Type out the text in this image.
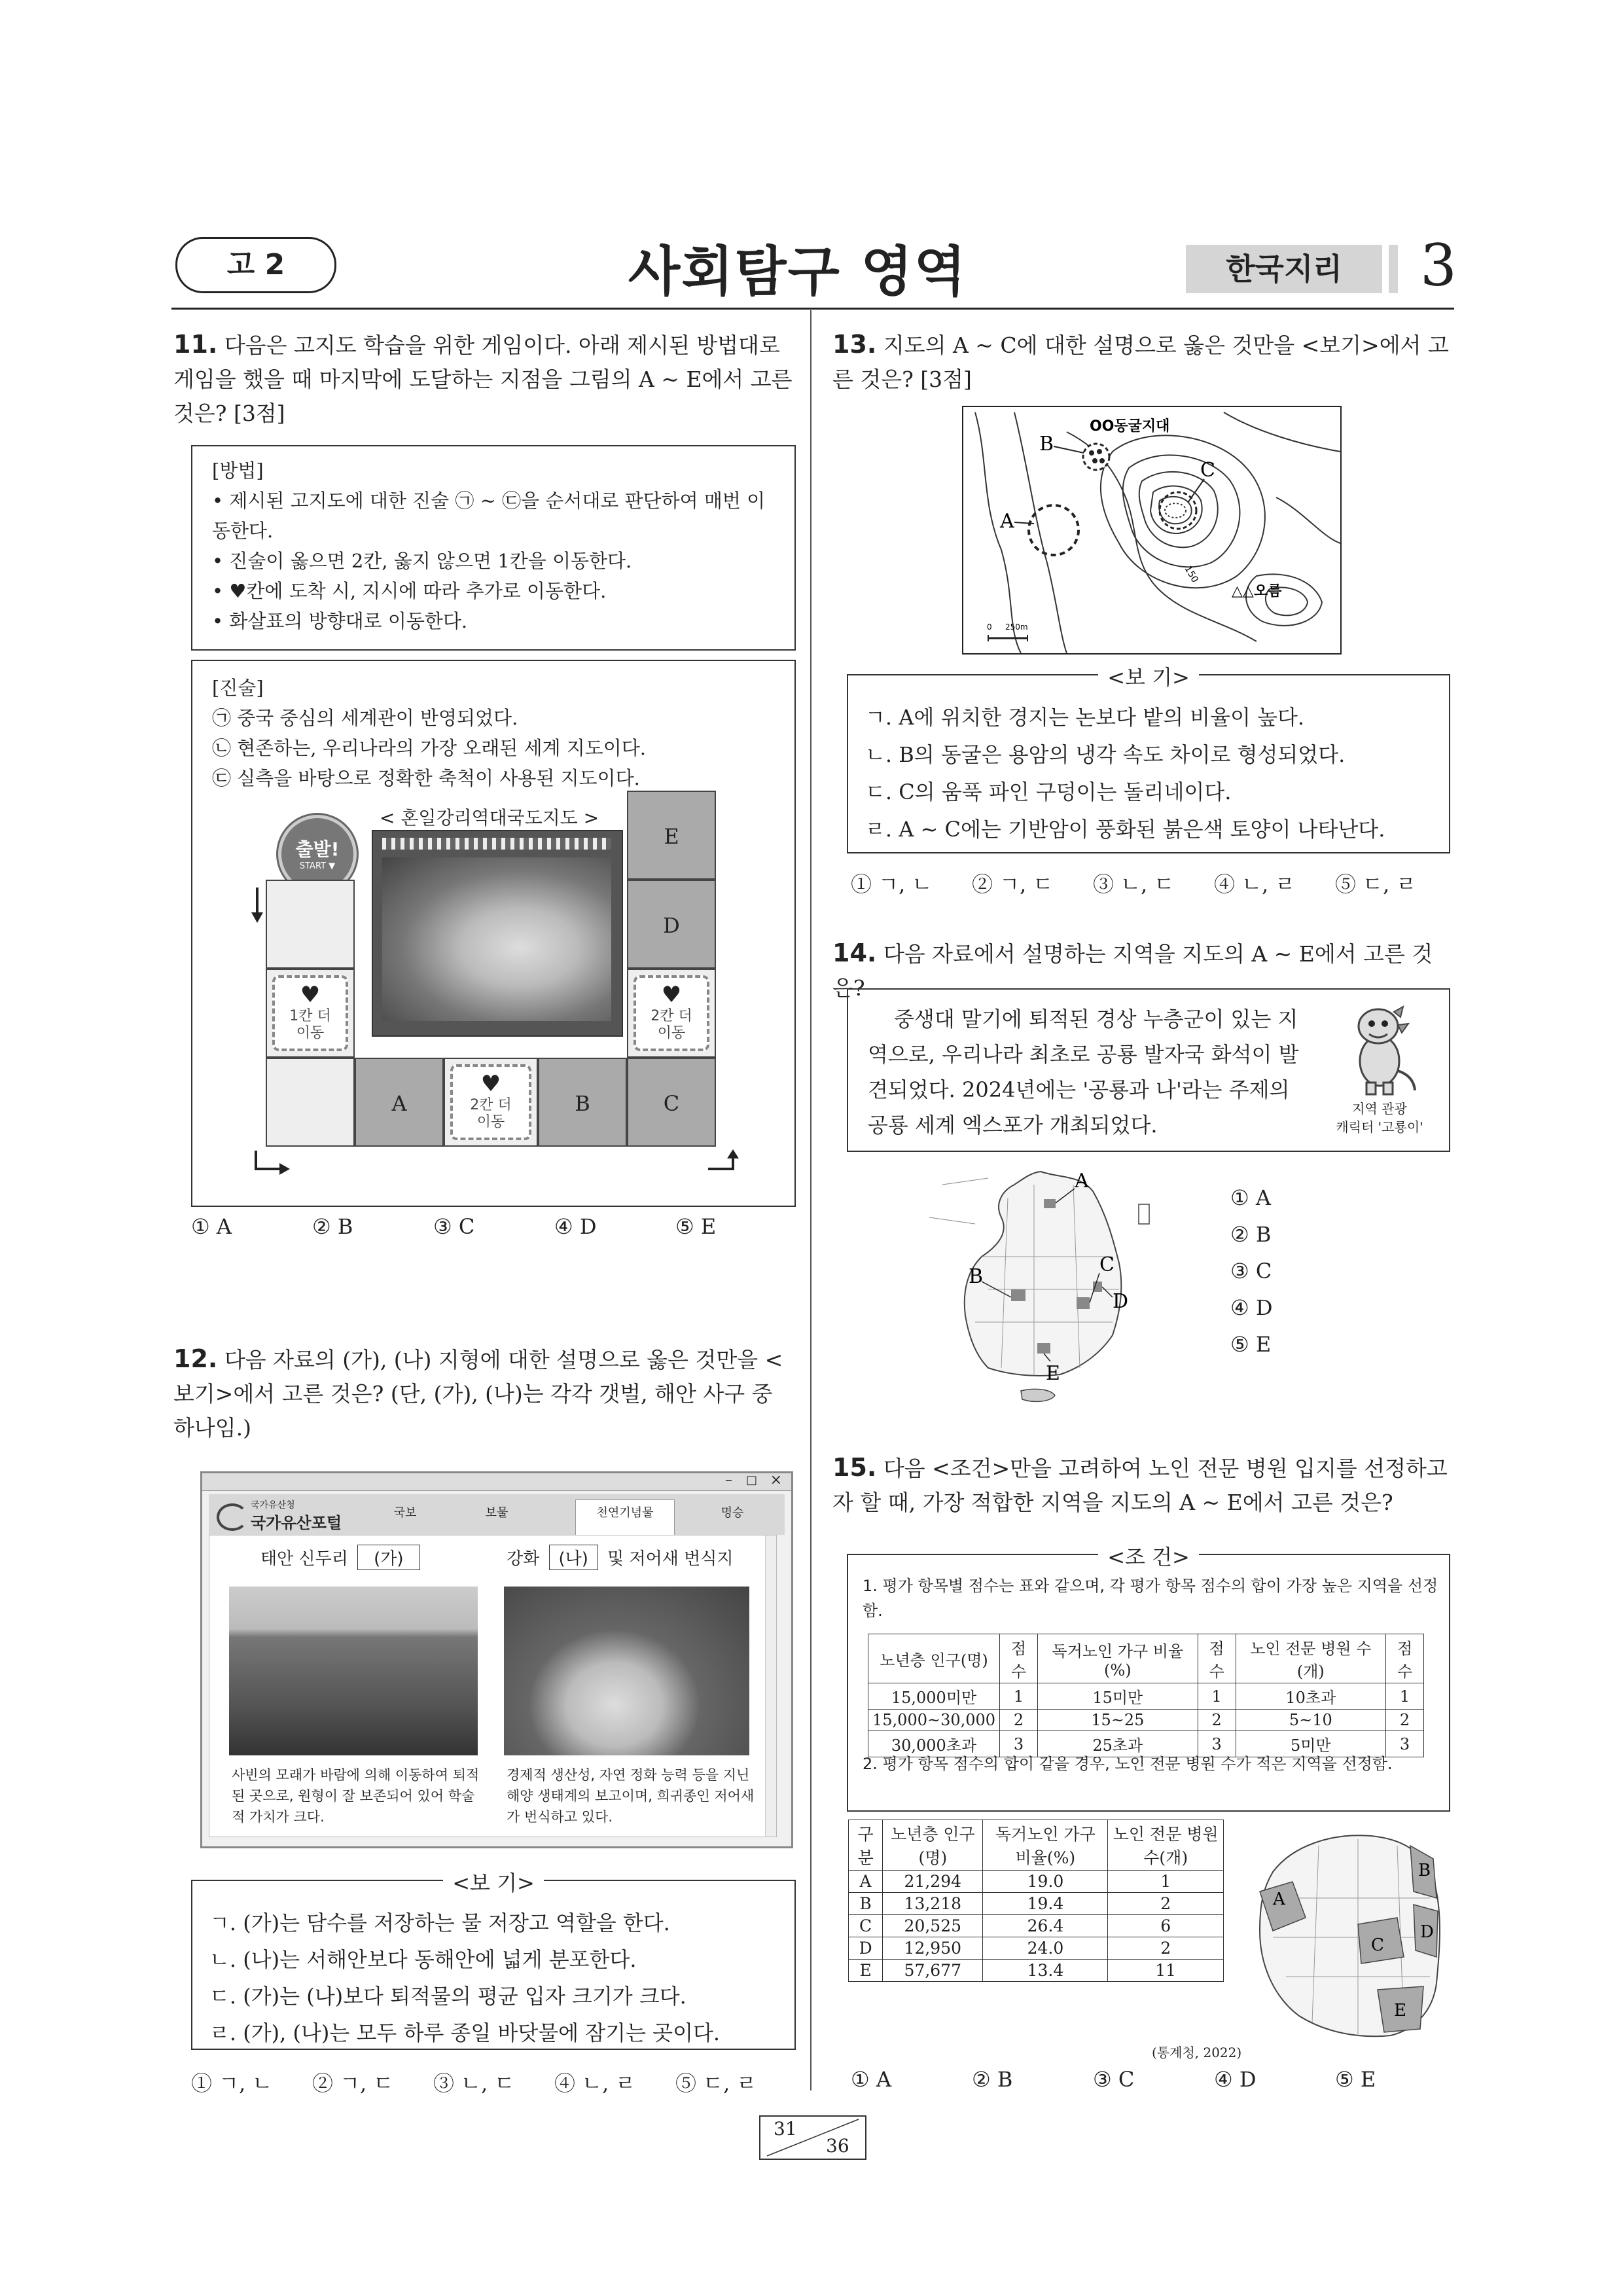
고 2	사회탐구 영역	한국지리	3
11. 다음은 고지도 학습을 위한 게임이다. 아래 제시된 방법대로 게임을 했을 때 마지막에 도달하는 지점을 그림의 A ~ E에서 고른 것은? [3점]
[방법]
• 제시된 고지도에 대한 진술 ㉠ ~ ㉢을 순서대로 판단하여 매번 이동한다.
• 진술이 옳으면 2칸, 옳지 않으면 1칸을 이동한다.
• ♥칸에 도착 시, 지시에 따라 추가로 이동한다.
• 화살표의 방향대로 이동한다.
[진술]
㉠ 중국 중심의 세계관이 반영되었다.
㉡ 현존하는, 우리나라의 가장 오래된 세계 지도이다.
㉢ 실측을 바탕으로 정확한 축척이 사용된 지도이다.
< 혼일강리역대국도지도 >
출발!
START ▼
E
D
♥
2칸 더 이동
♥
1칸 더 이동
A
♥
2칸 더 이동
B	C
① A	② B	③ C	④ D	⑤ E
12. 다음 자료의 (가), (나) 지형에 대한 설명으로 옳은 것만을 <보기>에서 고른 것은? (단, (가), (나)는 각각 갯벌, 해안 사구 중 하나임.)
– □ ×
국가유산청
국가유산포털
국보	보물	천연기념물	명승
태안 신두리 (가)	강화 (나) 및 저어새 번식지
사빈의 모래가 바람에 의해 이동하여 퇴적된 곳으로, 원형이 잘 보존되어 있어 학술적 가치가 크다.
경제적 생산성, 자연 정화 능력 등을 지닌 해양 생태계의 보고이며, 희귀종인 저어새가 번식하고 있다.
<보 기>
ㄱ. (가)는 담수를 저장하는 물 저장고 역할을 한다.
ㄴ. (나)는 서해안보다 동해안에 넓게 분포한다.
ㄷ. (가)는 (나)보다 퇴적물의 평균 입자 크기가 크다.
ㄹ. (가), (나)는 모두 하루 종일 바닷물에 잠기는 곳이다.
① ㄱ, ㄴ	② ㄱ, ㄷ	③ ㄴ, ㄷ	④ ㄴ, ㄹ	⑤ ㄷ, ㄹ
13. 지도의 A ~ C에 대한 설명으로 옳은 것만을 <보기>에서 고른 것은? [3점]
0 250m
A
B
C
OO동굴지대
△△오름
150
<보 기>
ㄱ. A에 위치한 경지는 논보다 밭의 비율이 높다.
ㄴ. B의 동굴은 용암의 냉각 속도 차이로 형성되었다.
ㄷ. C의 움푹 파인 구덩이는 돌리네이다.
ㄹ. A ~ C에는 기반암이 풍화된 붉은색 토양이 나타난다.
① ㄱ, ㄴ	② ㄱ, ㄷ	③ ㄴ, ㄷ	④ ㄴ, ㄹ	⑤ ㄷ, ㄹ
14. 다음 자료에서 설명하는 지역을 지도의 A ~ E에서 고른 것은?
중생대 말기에 퇴적된 경상 누층군이 있는 지역으로, 우리나라 최초로 공룡 발자국 화석이 발견되었다. 2024년에는 '공룡과 나'라는 주제의 공룡 세계 엑스포가 개최되었다.
지역 관광
캐릭터 '고룡이'
A
B
C
D
E
① A
② B
③ C
④ D
⑤ E
15. 다음 <조건>만을 고려하여 노인 전문 병원 입지를 선정하고자 할 때, 가장 적합한 지역을 지도의 A ~ E에서 고른 것은?
<조 건>
1. 평가 항목별 점수는 표와 같으며, 각 평가 항목 점수의 합이 가장 높은 지역을 선정함.
노년층 인구(명)	점수	독거노인 가구 비율(%)	점수	노인 전문 병원 수(개)	점수
15,000미만	1	15미만	1	10초과	1
15,000~30,000	2	15~25	2	5~10	2
30,000초과	3	25초과	3	5미만	3
2. 평가 항목 점수의 합이 같을 경우, 노인 전문 병원 수가 적은 지역을 선정함.
구분	노년층 인구(명)	독거노인 가구 비율(%)	노인 전문 병원 수(개)
A	21,294	19.0	1
B	13,218	19.4	2
C	20,525	26.4	6
D	12,950	24.0	2
E	57,677	13.4	11
(통계청, 2022)
A
B
C
D
E
① A	② B	③ C	④ D	⑤ E
31
36
